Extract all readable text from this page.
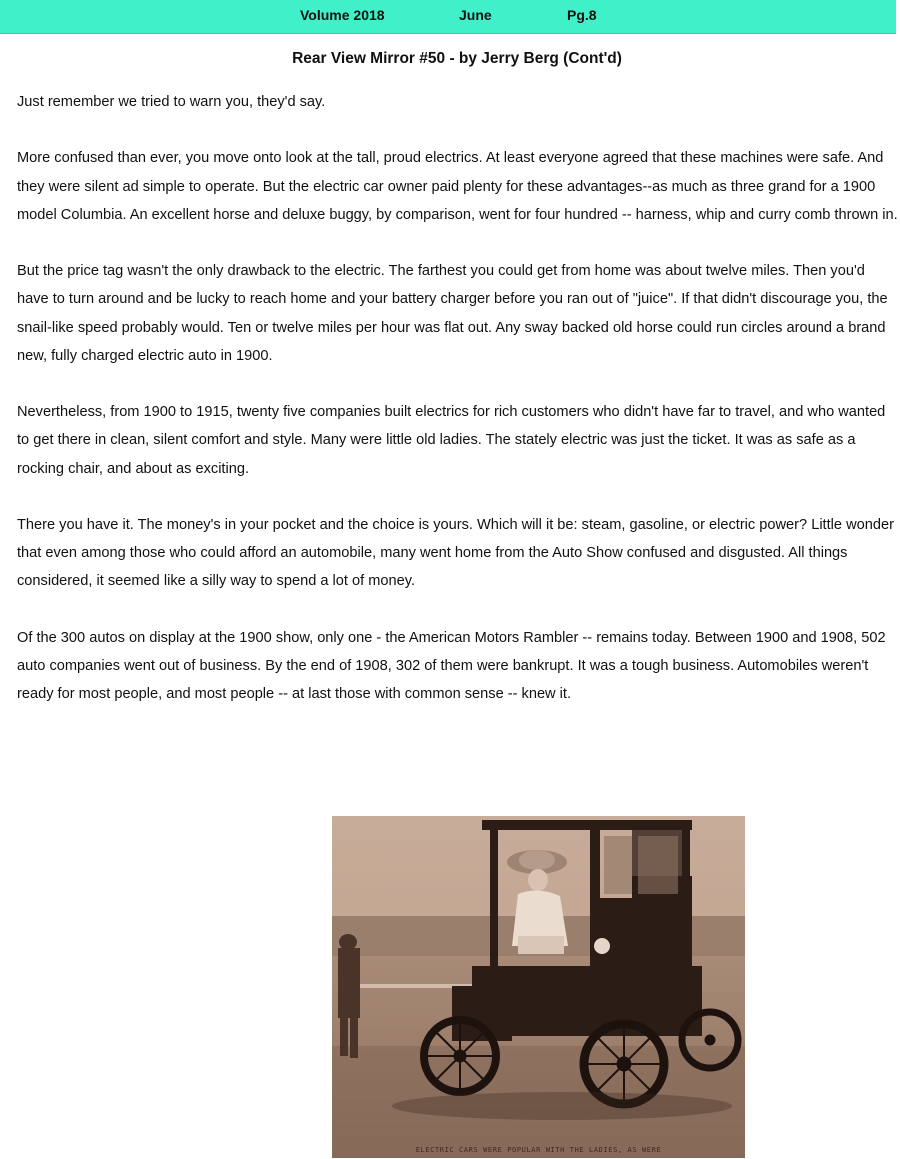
Volume 2018	June	Pg.8
Rear View Mirror #50 - by Jerry Berg (Cont'd)

Just remember we tried to warn you, they'd say.

More confused than ever, you move onto look at the tall, proud electrics. At least everyone agreed that these machines were safe. And they were silent ad simple to operate. But the electric car owner paid plenty for these advantages--as much as three grand for a 1900 model Columbia. An excellent horse and deluxe buggy, by comparison, went for four hundred -- harness, whip and curry comb thrown in.

But the price tag wasn't the only drawback to the electric. The farthest you could get from home was about twelve miles. Then you'd have to turn around and be lucky to reach home and your battery charger before you ran out of "juice". If that didn't discourage you, the snail-like speed probably would. Ten or twelve miles per hour was flat out. Any sway backed old horse could run circles around a brand new, fully charged electric auto in 1900.

Nevertheless, from 1900 to 1915, twenty five companies built electrics for rich customers who didn't have far to travel, and who wanted to get there in clean, silent comfort and style. Many were little old ladies. The stately electric was just the ticket. It was as safe as a rocking chair, and about as exciting.

There you have it. The money's in your pocket and the choice is yours. Which will it be: steam, gasoline, or electric power? Little wonder that even among those who could afford an automobile, many went home from the Auto Show confused and disgusted. All things considered, it seemed like a silly way to spend a lot of money.

Of the 300 autos on display at the 1900 show, only one - the American Motors Rambler -- remains today. Between 1900 and 1908, 502 auto companies went out of business. By the end of 1908, 302 of them were bankrupt. It was a tough business. Automobiles weren't ready for most people, and most people -- at last those with common sense -- knew it.

ELECTRIC CARS WERE POPULAR WITH THE LADIES, AS WERE
